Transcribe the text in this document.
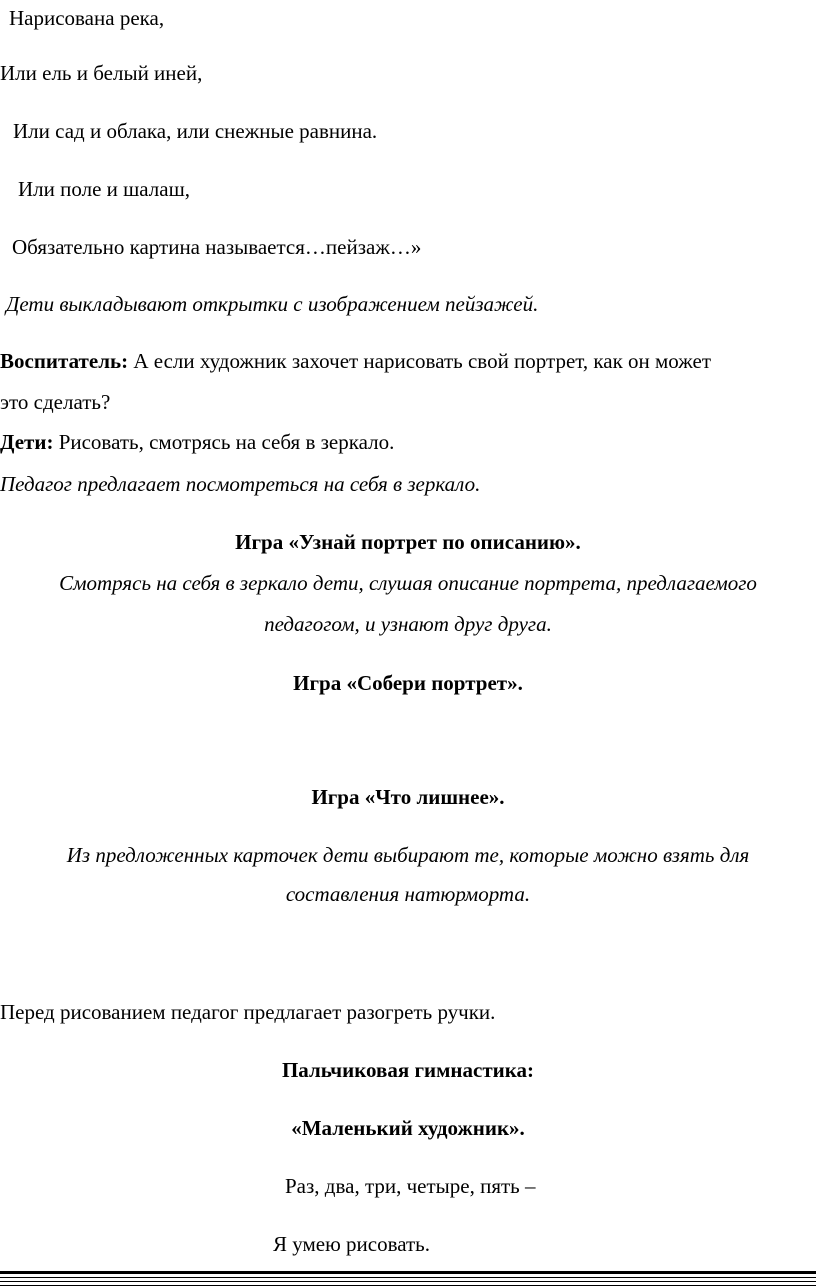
Нарисована река,
Или ель и белый иней,
Или сад и облака, или снежные равнина.
Или поле и шалаш,
Обязательно картина называется…пейзаж…»
Дети выкладывают открытки с изображением пейзажей.
Воспитатель: А если художник захочет нарисовать свой портрет, как он может
это сделать?
Дети: Рисовать, смотрясь на себя в зеркало.
Педагог предлагает посмотреться на себя в зеркало.
Игра «Узнай портрет по описанию».
Смотрясь на себя в зеркало дети, слушая описание портрета, предлагаемого
педагогом, и узнают друг друга.
Игра «Собери портрет».
Игра «Что лишнее».
Из предложенных карточек дети выбирают те, которые можно взять для
составления натюрморта.
Перед рисованием педагог предлагает разогреть ручки.
Пальчиковая гимнастика:
«Маленький художник».
Раз, два, три, четыре, пять –
Я умею рисовать.
